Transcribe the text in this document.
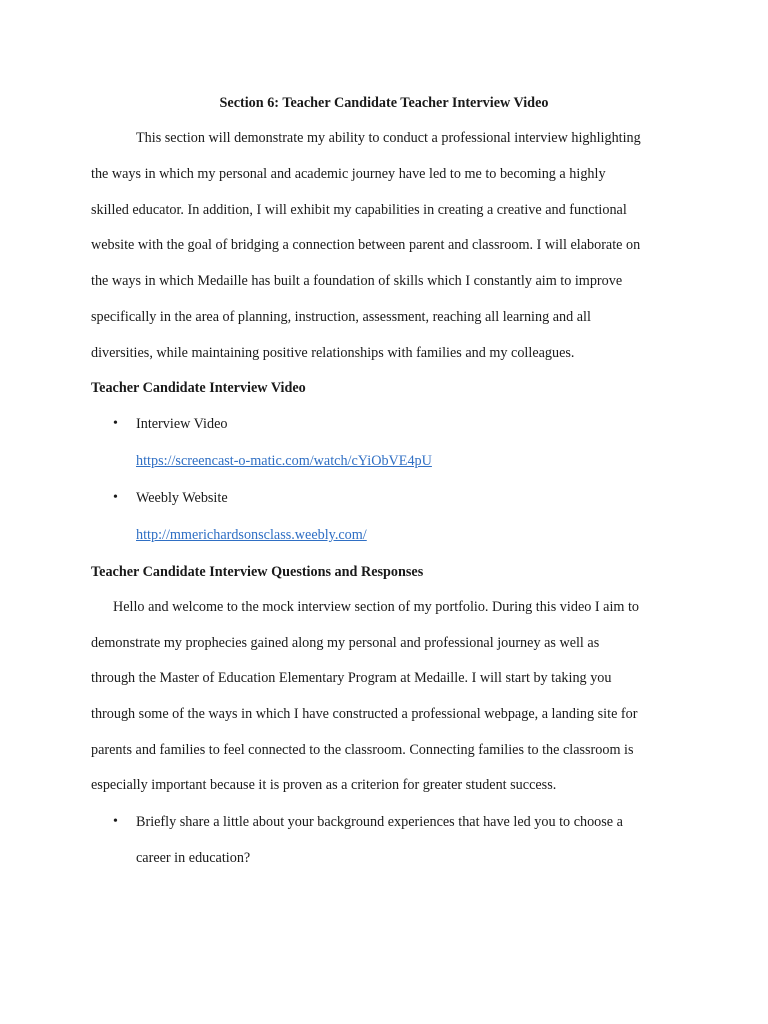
Section 6: Teacher Candidate Teacher Interview Video
This section will demonstrate my ability to conduct a professional interview highlighting
the ways in which my personal and academic journey have led to me to becoming a highly
skilled educator. In addition, I will exhibit my capabilities in creating a creative and functional
website with the goal of bridging a connection between parent and classroom. I will elaborate on
the ways in which Medaille has built a foundation of skills which I constantly aim to improve
specifically in the area of planning, instruction, assessment, reaching all learning and all
diversities, while maintaining positive relationships with families and my colleagues.
Teacher Candidate Interview Video
• Interview Video
https://screencast-o-matic.com/watch/cYiObVE4pU
• Weebly Website
http://mmerichardsonsclass.weebly.com/
Teacher Candidate Interview Questions and Responses
Hello and welcome to the mock interview section of my portfolio. During this video I aim to
demonstrate my prophecies gained along my personal and professional journey as well as
through the Master of Education Elementary Program at Medaille. I will start by taking you
through some of the ways in which I have constructed a professional webpage, a landing site for
parents and families to feel connected to the classroom. Connecting families to the classroom is
especially important because it is proven as a criterion for greater student success.
• Briefly share a little about your background experiences that have led you to choose a
career in education?
